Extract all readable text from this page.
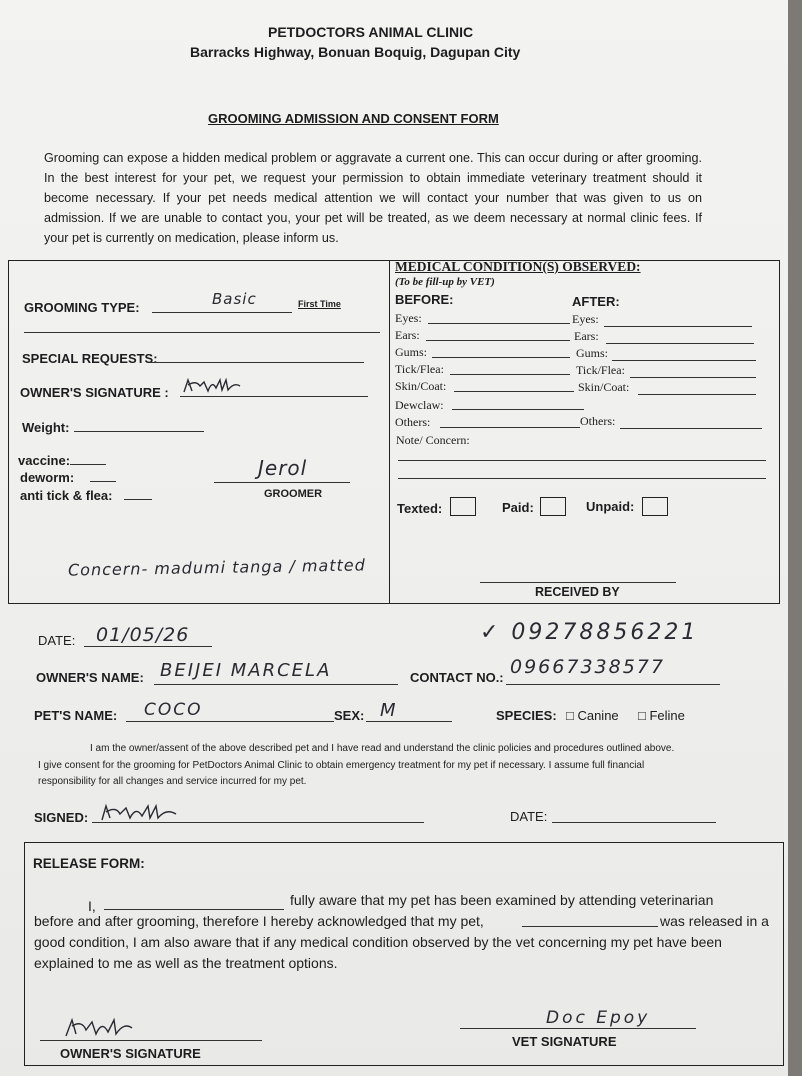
PETDOCTORS ANIMAL CLINIC
Barracks Highway, Bonuan Boquig, Dagupan City
GROOMING ADMISSION AND CONSENT FORM

Grooming can expose a hidden medical problem or aggravate a current one. This can occur during or after grooming. In the best interest for your pet, we request your permission to obtain immediate veterinary treatment should it become necessary. If your pet needs medical attention we will contact your number that was given to us on admission. If we are unable to contact you, your pet will be treated, as we deem necessary at normal clinic fees. If your pet is currently on medication, please inform us.

GROOMING TYPE:	Basic	First Time
SPECIAL REQUESTS:
OWNER'S SIGNATURE :
Weight:
vaccine:
deworm:
anti tick & flea:
Jerol
GROOMER
Concern- madumi tanga / matted
MEDICAL CONDITION(S) OBSERVED:
(To be fill-up by VET)
BEFORE:	AFTER:
Eyes:	Eyes:
Ears:	Ears:
Gums:	Gums:
Tick/Flea:	Tick/Flea:
Skin/Coat:	Skin/Coat:
Dewclaw:
Others:	Others:
Note/ Concern:
Texted:	Paid:	Unpaid:
RECEIVED BY
DATE: 01/05/26	✓ 09278856221
OWNER'S NAME: BEIJEI MARCELA	CONTACT NO.: 09667338577
PET'S NAME: COCO	SEX: M	SPECIES: □ Canine □ Feline
I am the owner/assent of the above described pet and I have read and understand the clinic policies and procedures outlined above.
I give consent for the grooming for PetDoctors Animal Clinic to obtain emergency treatment for my pet if necessary. I assume full financial
responsibility for all changes and service incurred for my pet.
SIGNED:	DATE:
RELEASE FORM:
I,	fully aware that my pet has been examined by attending veterinarian
before and after grooming, therefore I hereby acknowledged that my pet,	was released in a
good condition, I am also aware that if any medical condition observed by the vet concerning my pet have been
explained to me as well as the treatment options.
OWNER'S SIGNATURE
Doc Epoy
VET SIGNATURE
